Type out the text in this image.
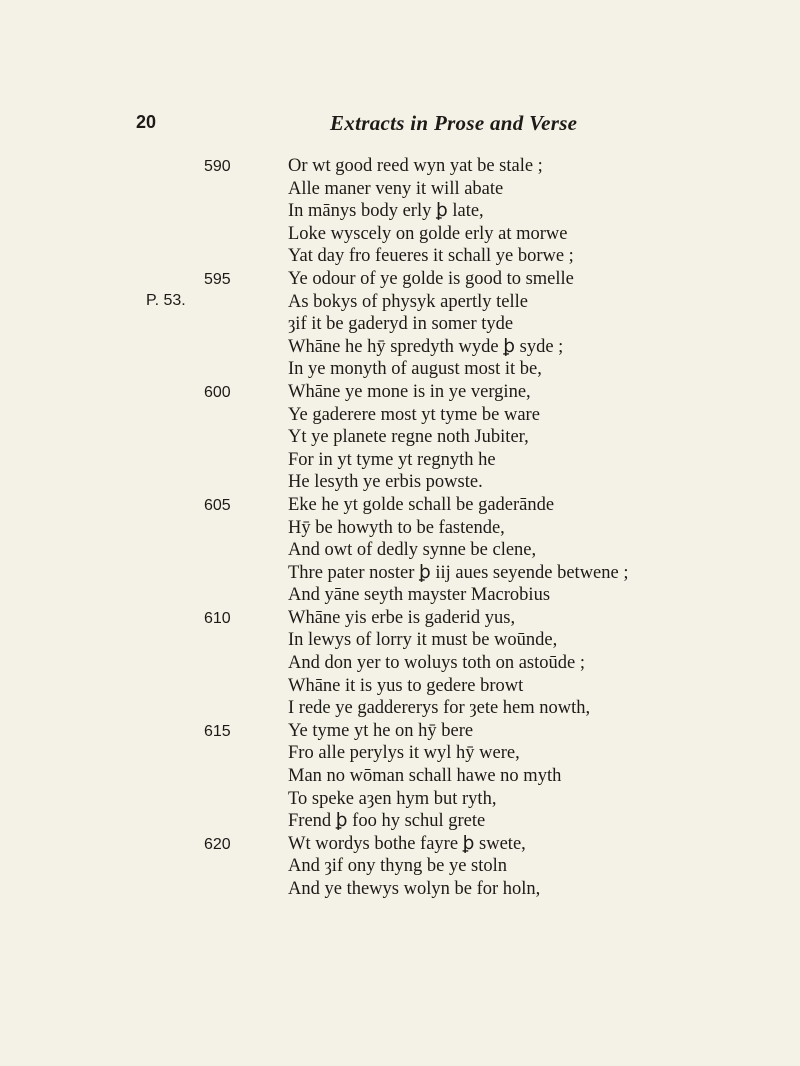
20	Extracts in Prose and Verse
P. 53.
590	Or wt good reed wyn yat be stale ;
Alle maner veny it will abate
In mānys body erly ꝧ late,
Loke wyscely on golde erly at morwe
Yat day fro feueres it schall ye borwe ;
595	Ye odour of ye golde is good to smelle
As bokys of physyk apertly telle
ȝif it be gaderyd in somer tyde
Whāne he hȳ spredyth wyde ꝧ syde ;
In ye monyth of august most it be,
600	Whāne ye mone is in ye vergine,
Ye gaderere most yt tyme be ware
Yt ye planete regne noth Jubiter,
For in yt tyme yt regnyth he
He lesyth ye erbis powste.
605	Eke he yt golde schall be gaderānde
Hȳ be howyth to be fastende,
And owt of dedly synne be clene,
Thre pater noster ꝧ iij aues seyende betwene ;
And yāne seyth mayster Macrobius
610	Whāne yis erbe is gaderid yus,
In lewys of lorry it must be woūnde,
And don yer to woluys toth on astoūde ;
Whāne it is yus to gedere browt
I rede ye gaddererys for ȝete hem nowth,
615	Ye tyme yt he on hȳ bere
Fro alle perylys it wyl hȳ were,
Man no wōman schall hawe no myth
To speke aȝen hym but ryth,
Frend ꝧ foo hy schul grete
620	Wt wordys bothe fayre ꝧ swete,
And ȝif ony thyng be ye stoln
And ye thewys wolyn be for holn,
